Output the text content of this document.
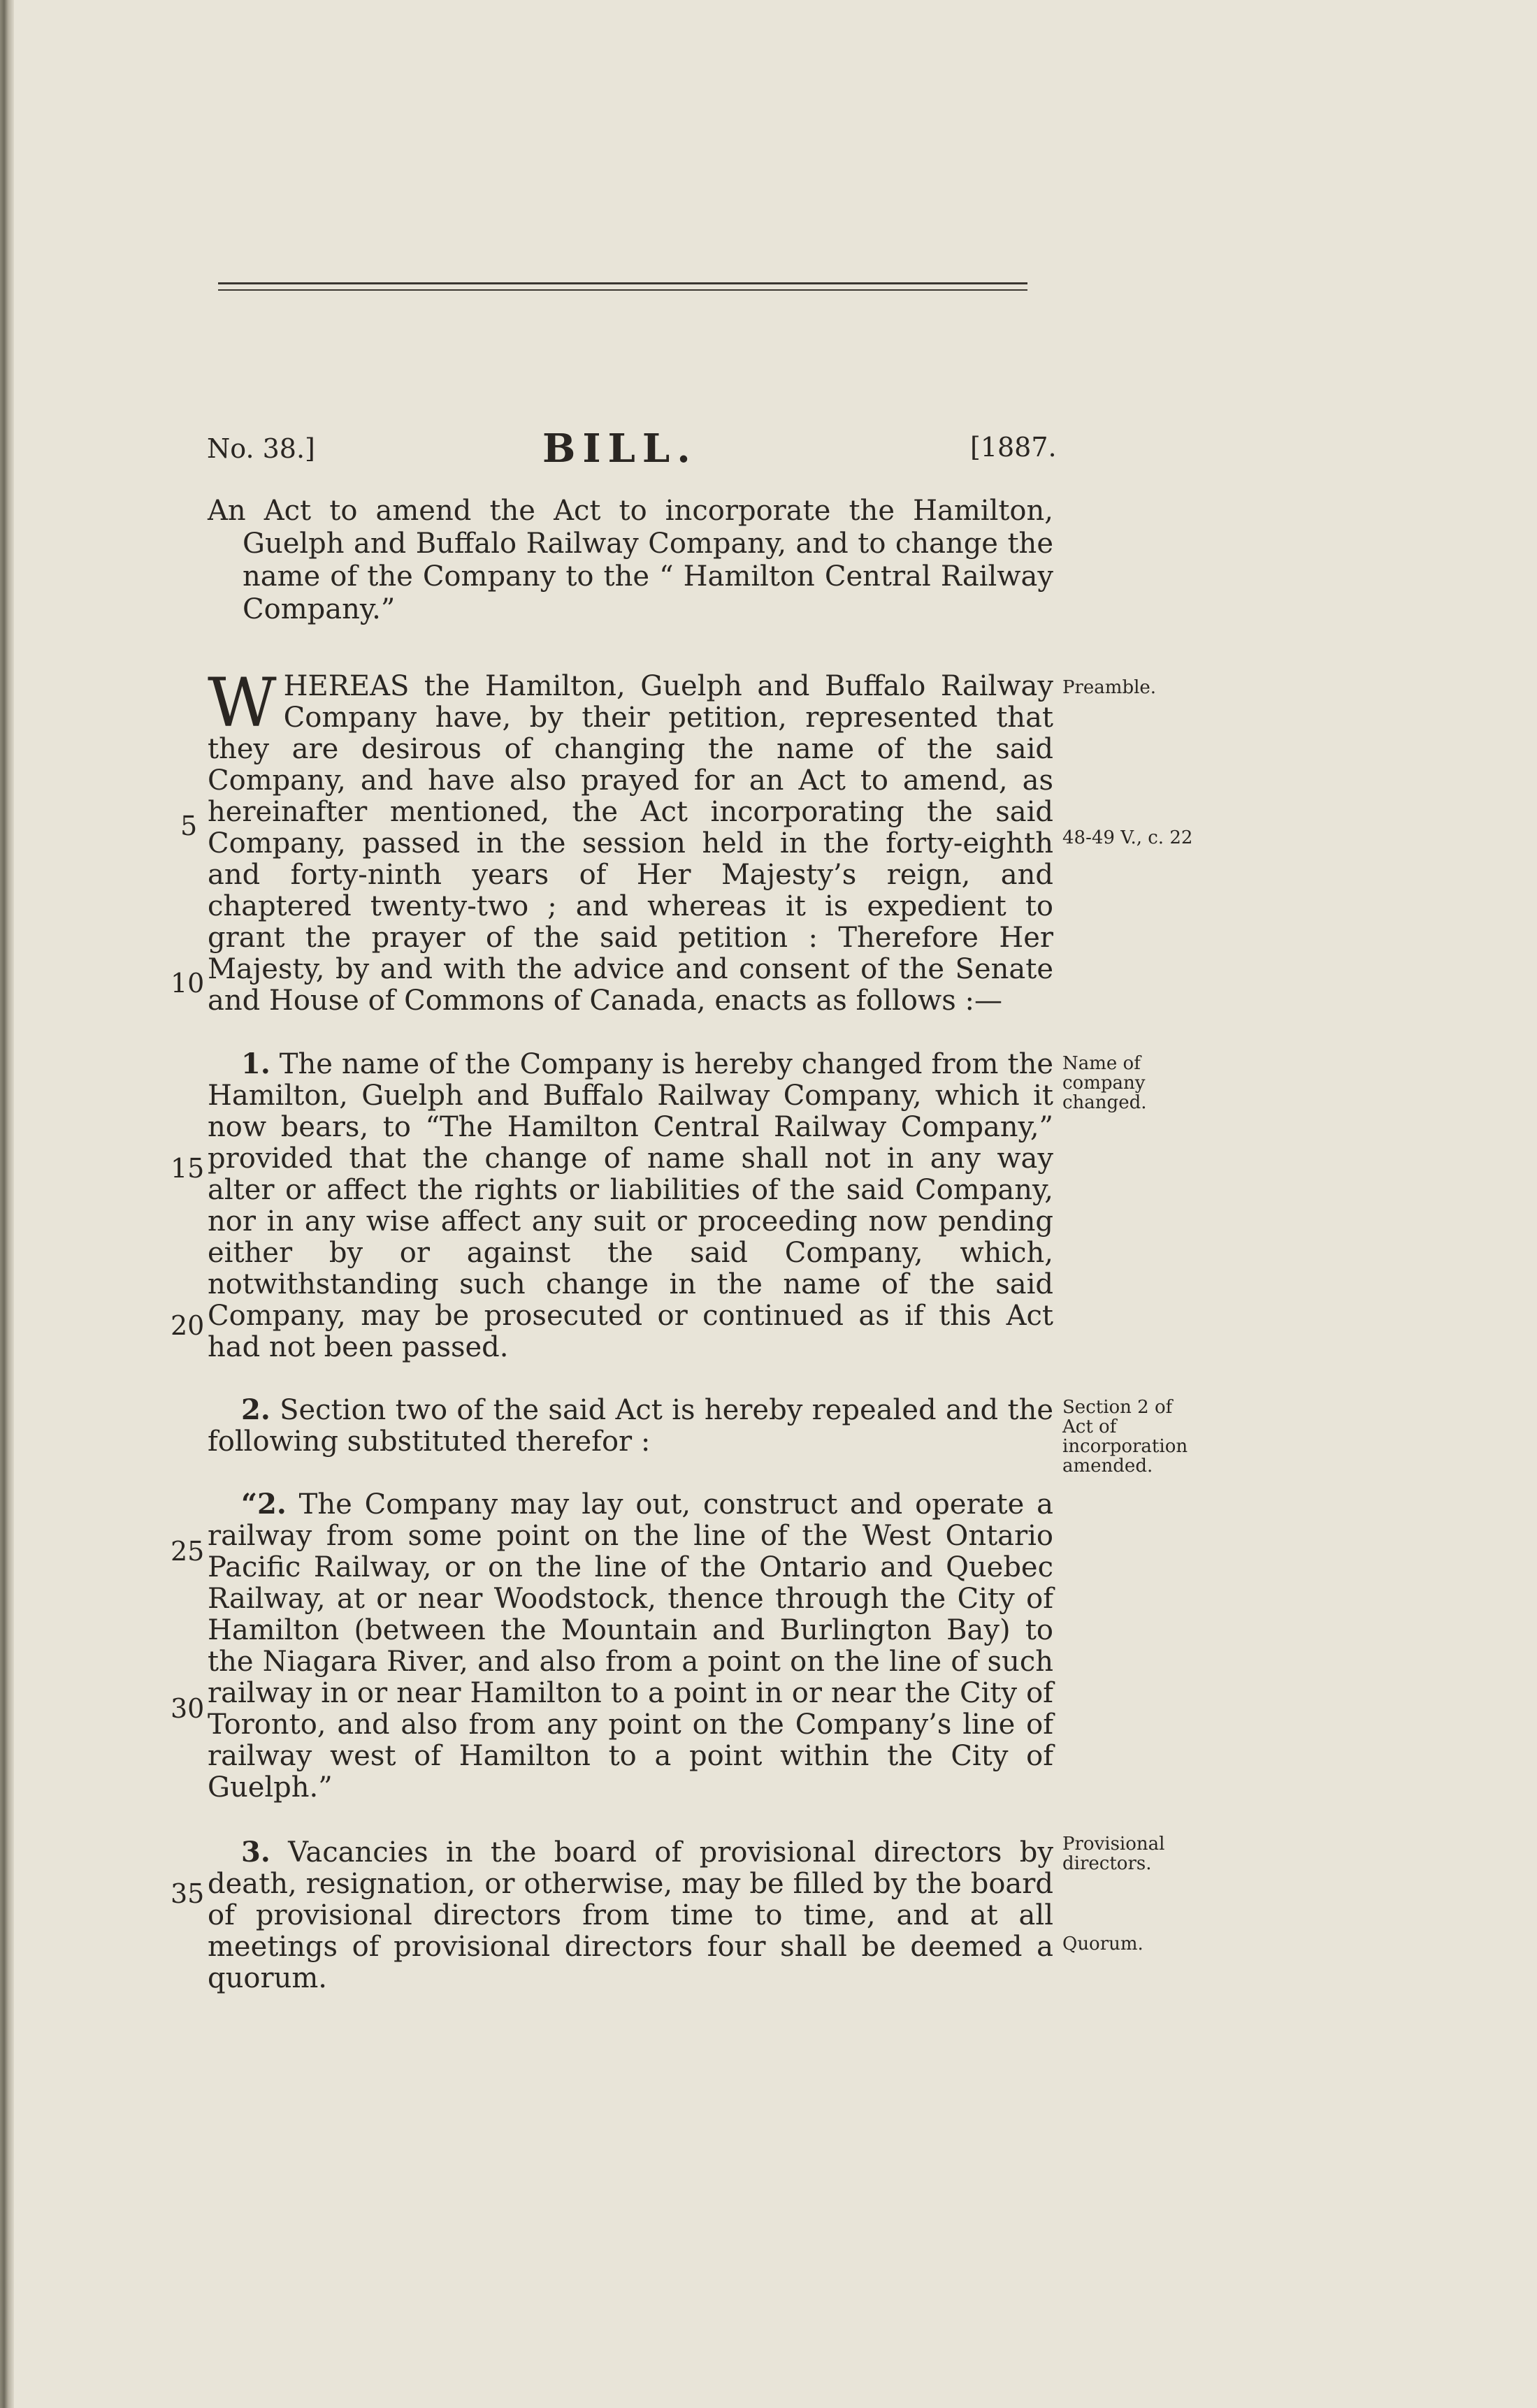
No. 38.]	BILL.	[1887.

An Act to amend the Act to incorporate the Hamilton, Guelph and Buffalo Railway Company, and to change the name of the Company to the “ Hamilton Central Railway Company.”

WHEREAS the Hamilton, Guelph and Buffalo Railway Company have, by their petition, represented that they are desirous of changing the name of the said Company, and have also prayed for an Act to amend, as hereinafter mentioned, the Act incorporating the said Company, passed in the session held in the forty-eighth and forty-ninth years of Her Majesty’s reign, and chaptered twenty-two ; and whereas it is expedient to grant the prayer of the said petition : Therefore Her Majesty, by and with the advice and consent of the Senate and House of Commons of Canada, enacts as follows :—

1. The name of the Company is hereby changed from the Hamilton, Guelph and Buffalo Railway Company, which it now bears, to “The Hamilton Central Railway Company,” provided that the change of name shall not in any way alter or affect the rights or liabilities of the said Company, nor in any wise affect any suit or proceeding now pending either by or against the said Company, which, notwithstanding such change in the name of the said Company, may be prosecuted or continued as if this Act had not been passed.

2. Section two of the said Act is hereby repealed and the following substituted therefor :

“2. The Company may lay out, construct and operate a railway from some point on the line of the West Ontario Pacific Railway, or on the line of the Ontario and Quebec Railway, at or near Woodstock, thence through the City of Hamilton (between the Mountain and Burlington Bay) to the Niagara River, and also from a point on the line of such railway in or near Hamilton to a point in or near the City of Toronto, and also from any point on the Company’s line of railway west of Hamilton to a point within the City of Guelph.”

3. Vacancies in the board of provisional directors by death, resignation, or otherwise, may be filled by the board of provisional directors from time to time, and at all meetings of provisional directors four shall be deemed a quorum.

5
10
15
20
25
30
35
Preamble.
48-49 V., c. 22
Name of company changed.
Section 2 of Act of incorporation amended.
Provisional directors.
Quorum.
